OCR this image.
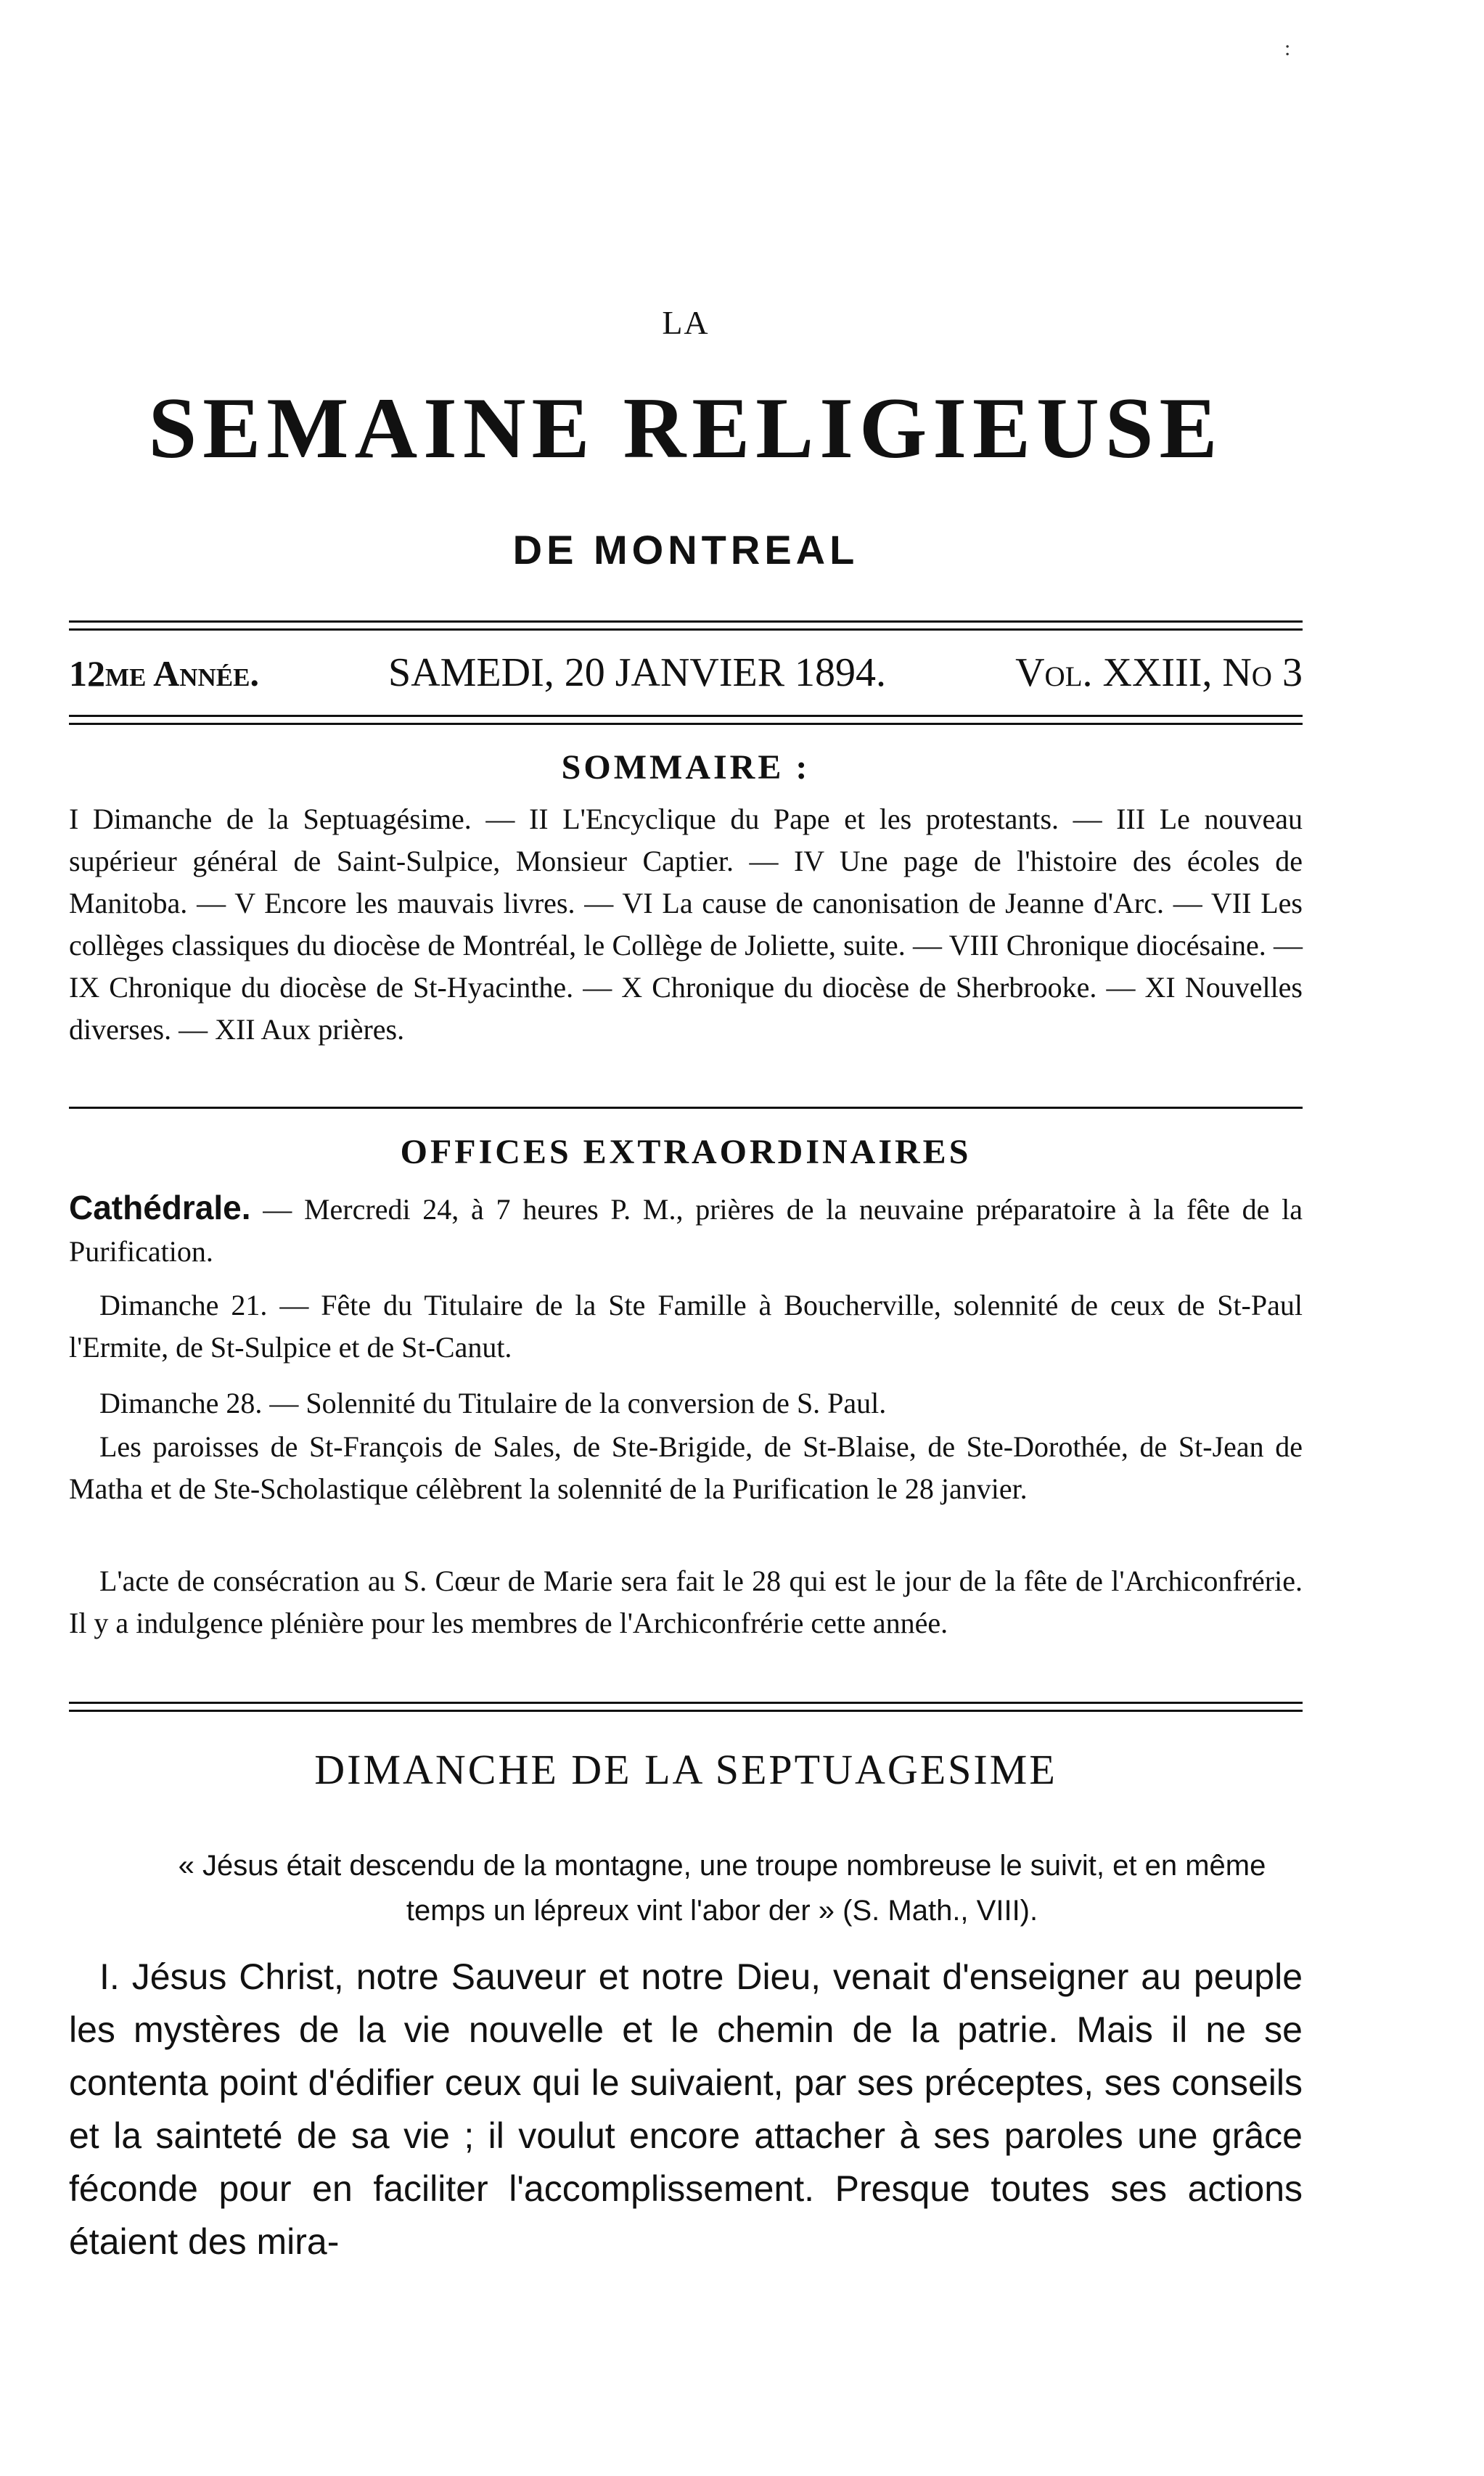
:
LA
SEMAINE RELIGIEUSE
DE MONTREAL
12me Année.	SAMEDI, 20 JANVIER 1894.	Vol. XXIII, No 3
SOMMAIRE :
I Dimanche de la Septuagésime. — II L'Encyclique du Pape et les protestants. — III Le nouveau supérieur général de Saint-Sulpice, Monsieur Captier. — IV Une page de l'histoire des écoles de Manitoba. — V Encore les mauvais livres. — VI La cause de canonisation de Jeanne d'Arc. — VII Les collèges classiques du diocèse de Montréal, le Collège de Joliette, suite. — VIII Chronique diocésaine. — IX Chronique du diocèse de St-Hyacinthe. — X Chronique du diocèse de Sherbrooke. — XI Nouvelles diverses. — XII Aux prières.
OFFICES EXTRAORDINAIRES
Cathédrale. — Mercredi 24, à 7 heures P. M., prières de la neuvaine préparatoire à la fête de la Purification.
Dimanche 21. — Fête du Titulaire de la Ste Famille à Boucherville, solennité de ceux de St-Paul l'Ermite, de St-Sulpice et de St-Canut.
Dimanche 28. — Solennité du Titulaire de la conversion de S. Paul.
Les paroisses de St-François de Sales, de Ste-Brigide, de St-Blaise, de Ste-Dorothée, de St-Jean de Matha et de Ste-Scholastique célèbrent la solennité de la Purification le 28 janvier.
L'acte de consécration au S. Cœur de Marie sera fait le 28 qui est le jour de la fête de l'Archiconfrérie. Il y a indulgence plénière pour les membres de l'Archiconfrérie cette année.
DIMANCHE DE LA SEPTUAGESIME
« Jésus était descendu de la montagne, une troupe nombreuse le suivit, et en même temps un lépreux vint l'abor der » (S. Math., VIII).
I. Jésus Christ, notre Sauveur et notre Dieu, venait d'enseigner au peuple les mystères de la vie nouvelle et le chemin de la patrie. Mais il ne se contenta point d'édifier ceux qui le suivaient, par ses préceptes, ses conseils et la sainteté de sa vie ; il voulut encore attacher à ses paroles une grâce féconde pour en faciliter l'accomplissement. Presque toutes ses actions étaient des mira-
